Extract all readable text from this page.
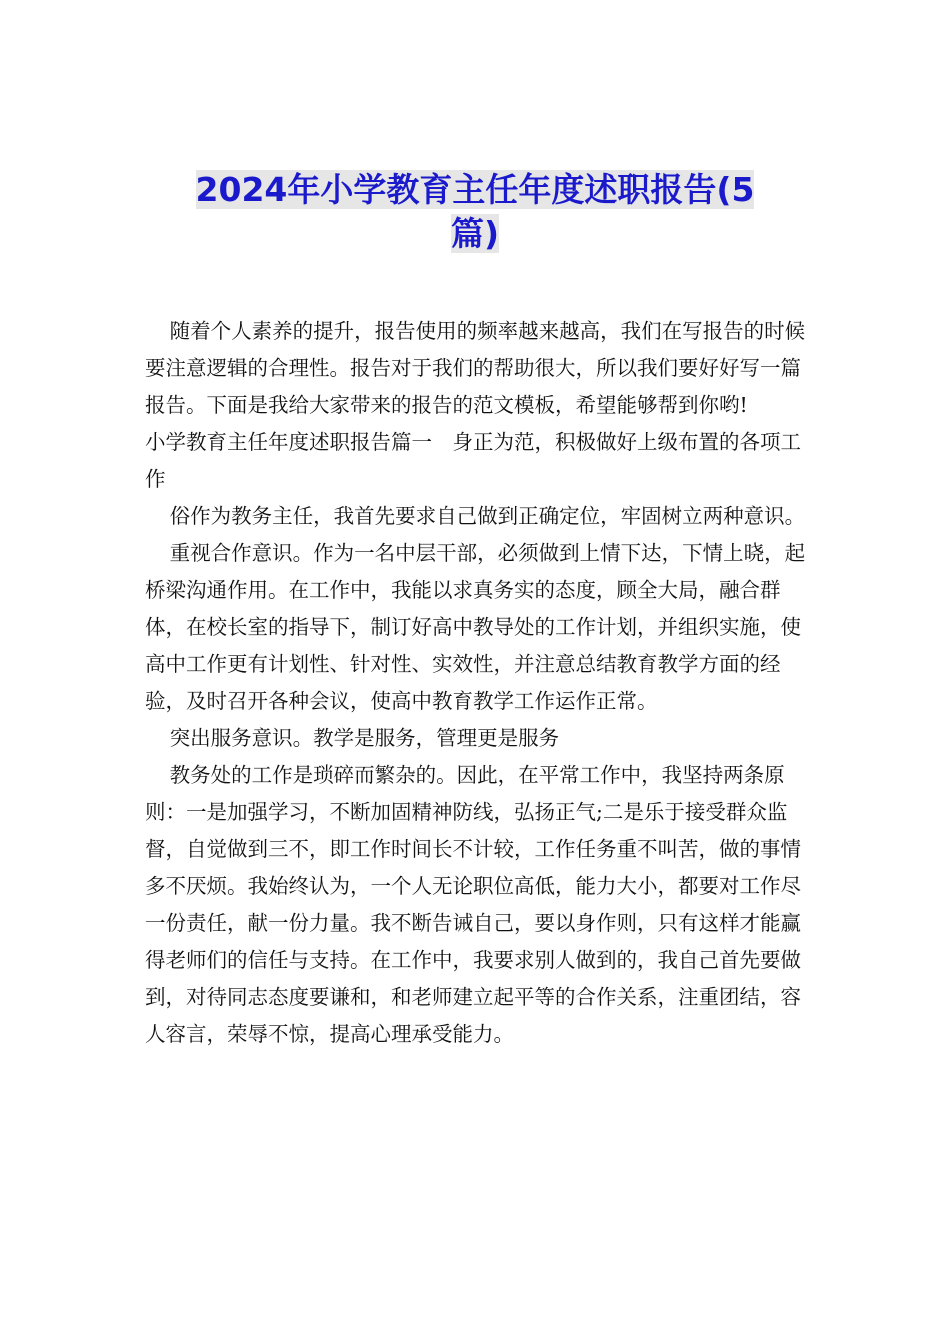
2024年小学教育主任年度述职报告(5
篇)

随着个人素养的提升，报告使用的频率越来越高，我们在写报告的时候要注意逻辑的合理性。报告对于我们的帮助很大，所以我们要好好写一篇报告。下面是我给大家带来的报告的范文模板，希望能够帮到你哟!

小学教育主任年度述职报告篇一　身正为范，积极做好上级布置的各项工作

俗作为教务主任，我首先要求自己做到正确定位，牢固树立两种意识。

重视合作意识。作为一名中层干部，必须做到上情下达，下情上晓，起桥梁沟通作用。在工作中，我能以求真务实的态度，顾全大局，融合群体，在校长室的指导下，制订好高中教导处的工作计划，并组织实施，使高中工作更有计划性、针对性、实效性，并注意总结教育教学方面的经验，及时召开各种会议，使高中教育教学工作运作正常。

突出服务意识。教学是服务，管理更是服务

教务处的工作是琐碎而繁杂的。因此，在平常工作中，我坚持两条原则：一是加强学习，不断加固精神防线，弘扬正气;二是乐于接受群众监督，自觉做到三不，即工作时间长不计较，工作任务重不叫苦，做的事情多不厌烦。我始终认为，一个人无论职位高低，能力大小，都要对工作尽一份责任，献一份力量。我不断告诫自己，要以身作则，只有这样才能赢得老师们的信任与支持。在工作中，我要求别人做到的，我自己首先要做到，对待同志态度要谦和，和老师建立起平等的合作关系，注重团结，容人容言，荣辱不惊，提高心理承受能力。
